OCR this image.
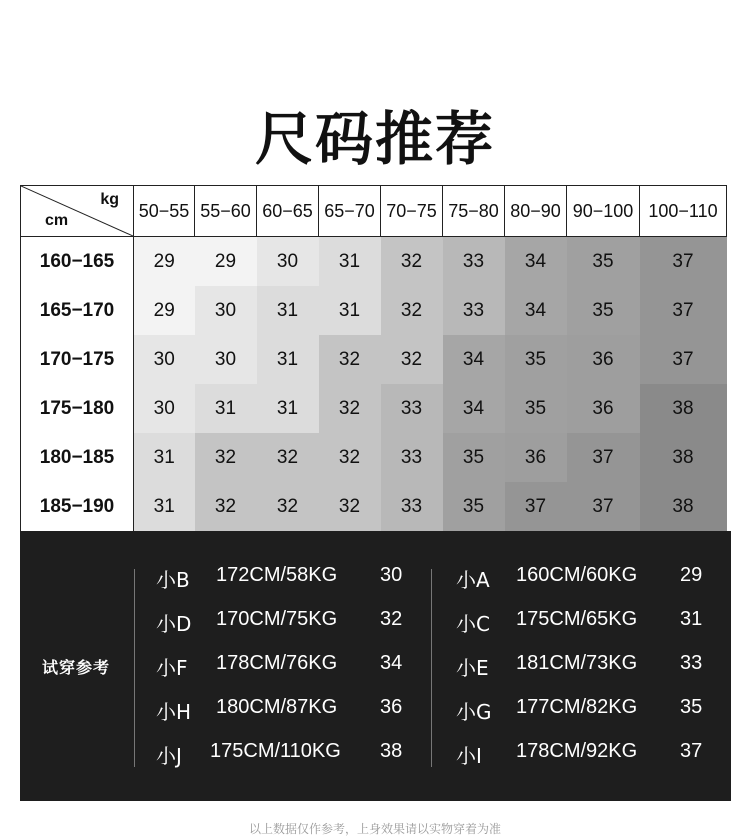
尺码推荐
kg
cm	50−55	55−60	60−65	65−70	70−75	75−80	80−90	90−100	100−110
160−165	29	29	30	31	32	33	34	35	37
165−170	29	30	31	31	32	33	34	35	37
170−175	30	30	31	32	32	34	35	36	37
175−180	30	31	31	32	33	34	35	36	38
180−185	31	32	32	32	33	35	36	37	38
185−190	31	32	32	32	33	35	37	37	38
试穿参考
小B 172CM/58KG 30
小D 170CM/75KG 32
小F 178CM/76KG 34
小H 180CM/87KG 36
小J 175CM/110KG 38
小A 160CM/60KG 29
小C 175CM/65KG 31
小E 181CM/73KG 33
小G 177CM/82KG 35
小I 178CM/92KG 37
以上数据仅作参考，上身效果请以实物穿着为准
